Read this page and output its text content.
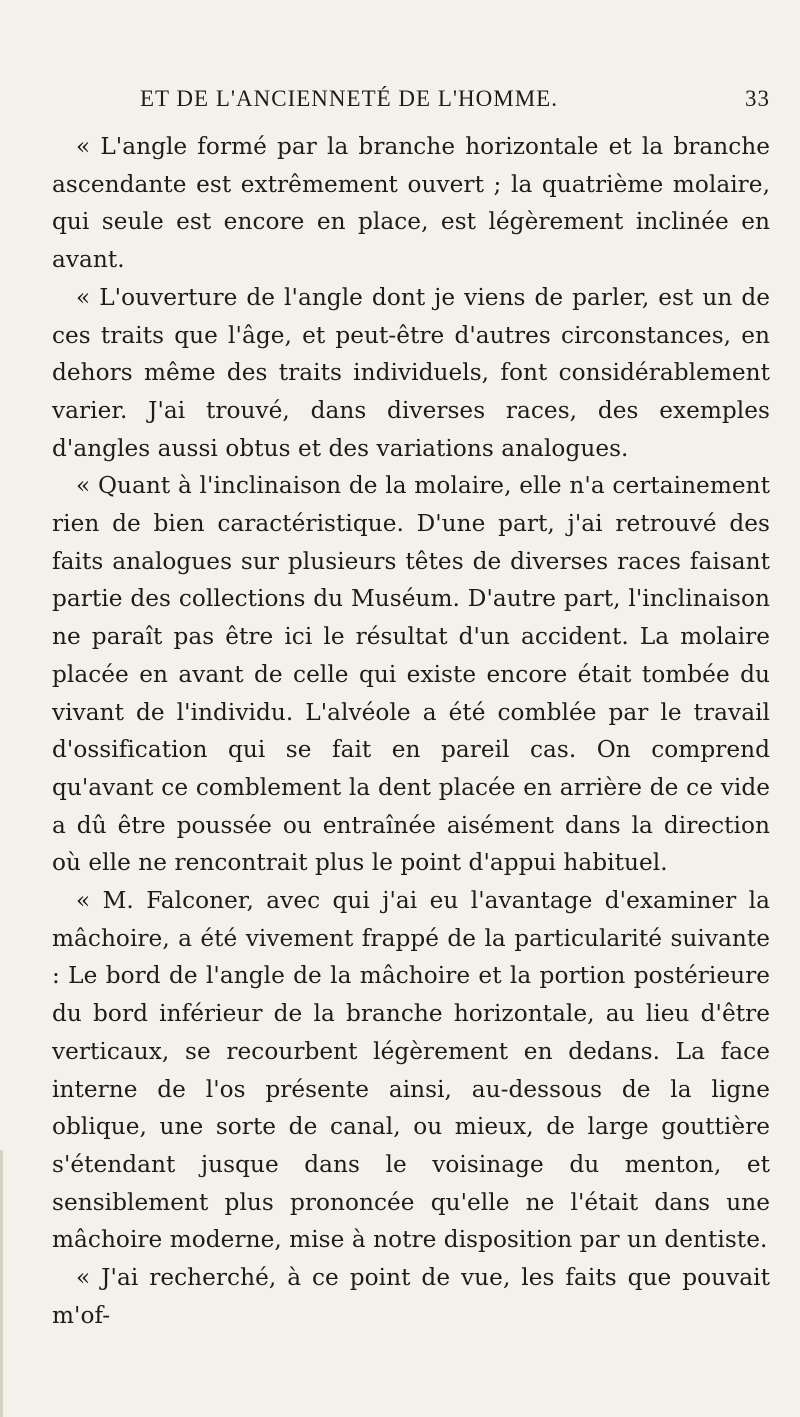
ET DE L'ANCIENNETÉ DE L'HOMME.	33

« L'angle formé par la branche horizontale et la branche ascendante est extrêmement ouvert ; la quatrième molaire, qui seule est encore en place, est légèrement inclinée en avant.

« L'ouverture de l'angle dont je viens de parler, est un de ces traits que l'âge, et peut-être d'autres circonstances, en dehors même des traits individuels, font considérablement varier. J'ai trouvé, dans diverses races, des exemples d'angles aussi obtus et des variations analogues.

« Quant à l'inclinaison de la molaire, elle n'a certainement rien de bien caractéristique. D'une part, j'ai retrouvé des faits analogues sur plusieurs têtes de diverses races faisant partie des collections du Muséum. D'autre part, l'inclinaison ne paraît pas être ici le résultat d'un accident. La molaire placée en avant de celle qui existe encore était tombée du vivant de l'individu. L'alvéole a été comblée par le travail d'ossification qui se fait en pareil cas. On comprend qu'avant ce comblement la dent placée en arrière de ce vide a dû être poussée ou entraînée aisément dans la direction où elle ne rencontrait plus le point d'appui habituel.

« M. Falconer, avec qui j'ai eu l'avantage d'examiner la mâchoire, a été vivement frappé de la particularité suivante : Le bord de l'angle de la mâchoire et la portion postérieure du bord inférieur de la branche horizontale, au lieu d'être verticaux, se recourbent légèrement en dedans. La face interne de l'os présente ainsi, au-dessous de la ligne oblique, une sorte de canal, ou mieux, de large gouttière s'étendant jusque dans le voisinage du menton, et sensiblement plus prononcée qu'elle ne l'était dans une mâchoire moderne, mise à notre disposition par un dentiste.

« J'ai recherché, à ce point de vue, les faits que pouvait m'of-
